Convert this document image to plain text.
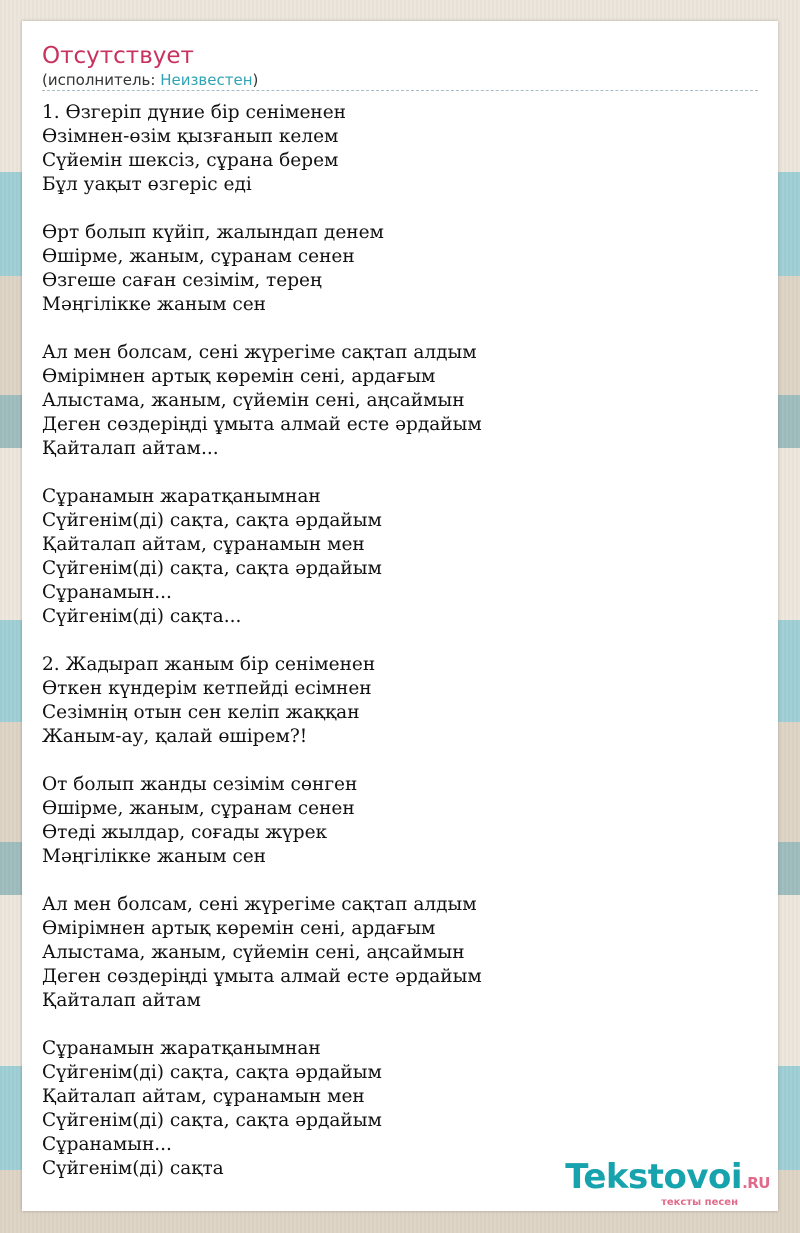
Отсутствует
(исполнитель: Неизвестен)
1. Өзгеріп дүние бір сеніменен
Өзімнен-өзім қызғанып келем
Сүйемін шексіз, сұрана берем
Бұл уақыт өзгеріс еді
Өрт болып күйіп, жалындап денем
Өшірме, жаным, сұранам сенен
Өзгеше саған сезімім, терең
Мәңгілікке жаным сен
Ал мен болсам, сені жүрегіме сақтап алдым
Өмірімнен артық көремін сені, ардағым
Алыстама, жаным, сүйемін сені, аңсаймын
Деген сөздеріңді ұмыта алмай есте әрдайым
Қайталап айтам...
Сұранамын жаратқанымнан
Сүйгенім(ді) сақта, сақта әрдайым
Қайталап айтам, сұранамын мен
Сүйгенім(ді) сақта, сақта әрдайым
Сұранамын...
Сүйгенім(ді) сақта...
2. Жадырап жаным бір сеніменен
Өткен күндерім кетпейді есімнен
Сезімнің отын сен келіп жаққан
Жаным-ау, қалай өшірем?!
От болып жанды сезімім сөнген
Өшірме, жаным, сұранам сенен
Өтеді жылдар, соғады жүрек
Мәңгілікке жаным сен
Ал мен болсам, сені жүрегіме сақтап алдым
Өмірімнен артық көремін сені, ардағым
Алыстама, жаным, сүйемін сені, аңсаймын
Деген сөздеріңді ұмыта алмай есте әрдайым
Қайталап айтам
Сұранамын жаратқанымнан
Сүйгенім(ді) сақта, сақта әрдайым
Қайталап айтам, сұранамын мен
Сүйгенім(ді) сақта, сақта әрдайым
Сұранамын...
Сүйгенім(ді) сақта	Tekstovoi.RU
тексты песен
